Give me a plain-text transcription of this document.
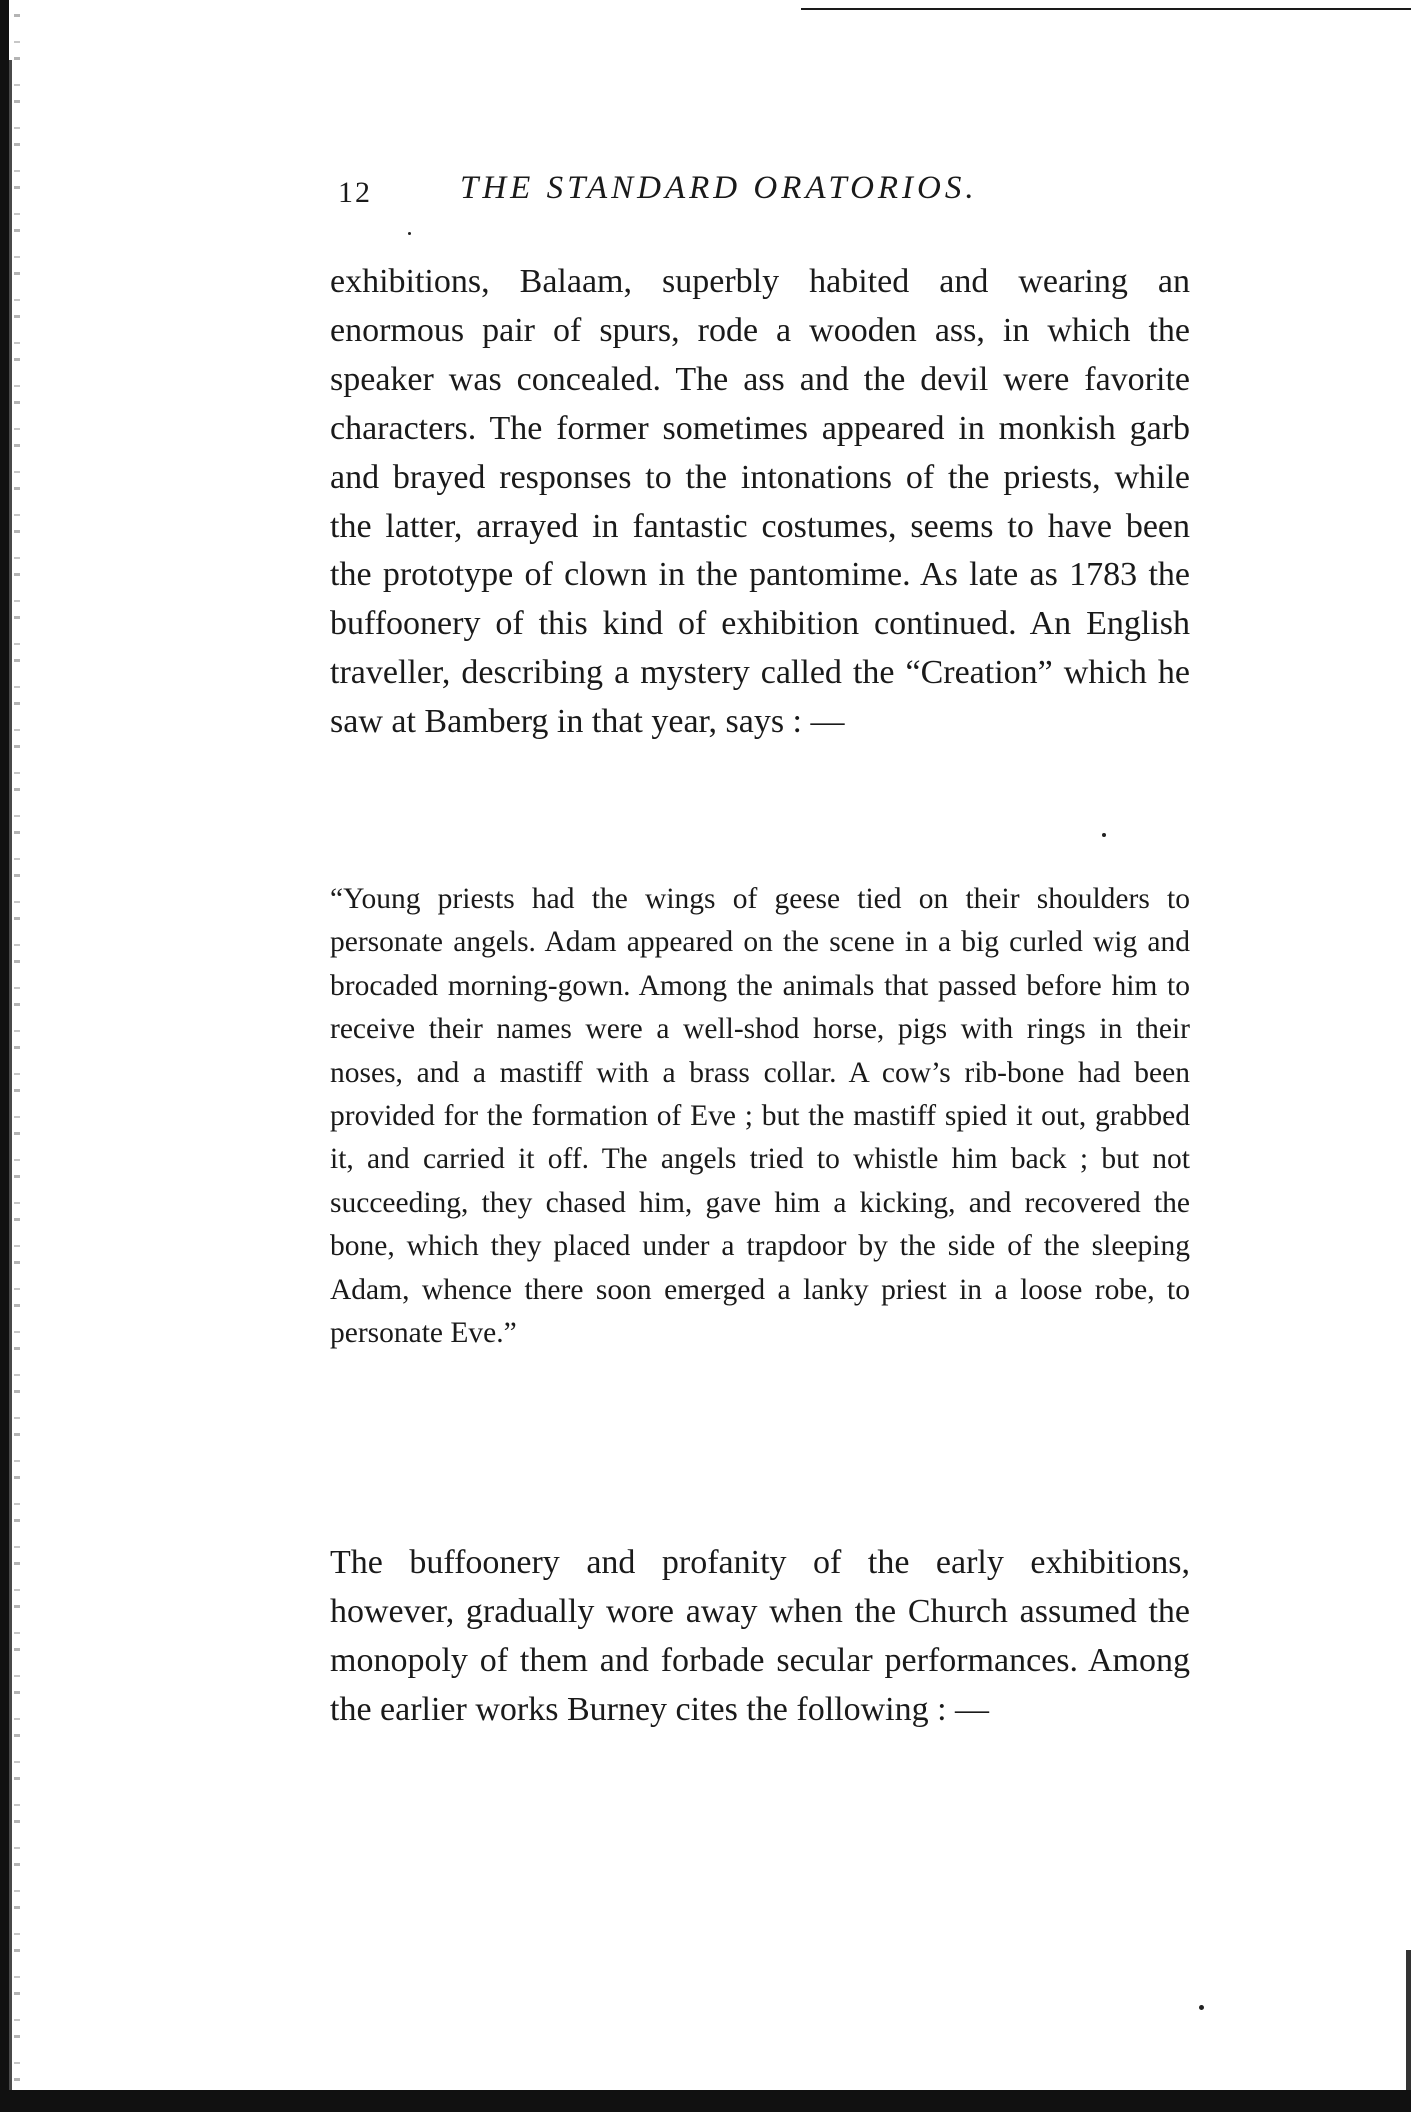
12	THE STANDARD ORATORIOS.

exhibitions, Balaam, superbly habited and wearing an enormous pair of spurs, rode a wooden ass, in which the speaker was concealed. The ass and the devil were favorite characters. The former sometimes appeared in monkish garb and brayed responses to the intonations of the priests, while the latter, arrayed in fantastic costumes, seems to have been the prototype of clown in the pantomime. As late as 1783 the buffoonery of this kind of exhibition continued. An English traveller, describing a mystery called the “Creation” which he saw at Bamberg in that year, says : —

“Young priests had the wings of geese tied on their shoulders to personate angels. Adam appeared on the scene in a big curled wig and brocaded morning-gown. Among the animals that passed before him to receive their names were a well-shod horse, pigs with rings in their noses, and a mastiff with a brass collar. A cow’s rib-bone had been provided for the formation of Eve ; but the mastiff spied it out, grabbed it, and carried it off. The angels tried to whistle him back ; but not succeeding, they chased him, gave him a kicking, and recovered the bone, which they placed under a trapdoor by the side of the sleeping Adam, whence there soon emerged a lanky priest in a loose robe, to personate Eve.”

The buffoonery and profanity of the early exhibitions, however, gradually wore away when the Church assumed the monopoly of them and forbade secular performances. Among the earlier works Burney cites the following : —
